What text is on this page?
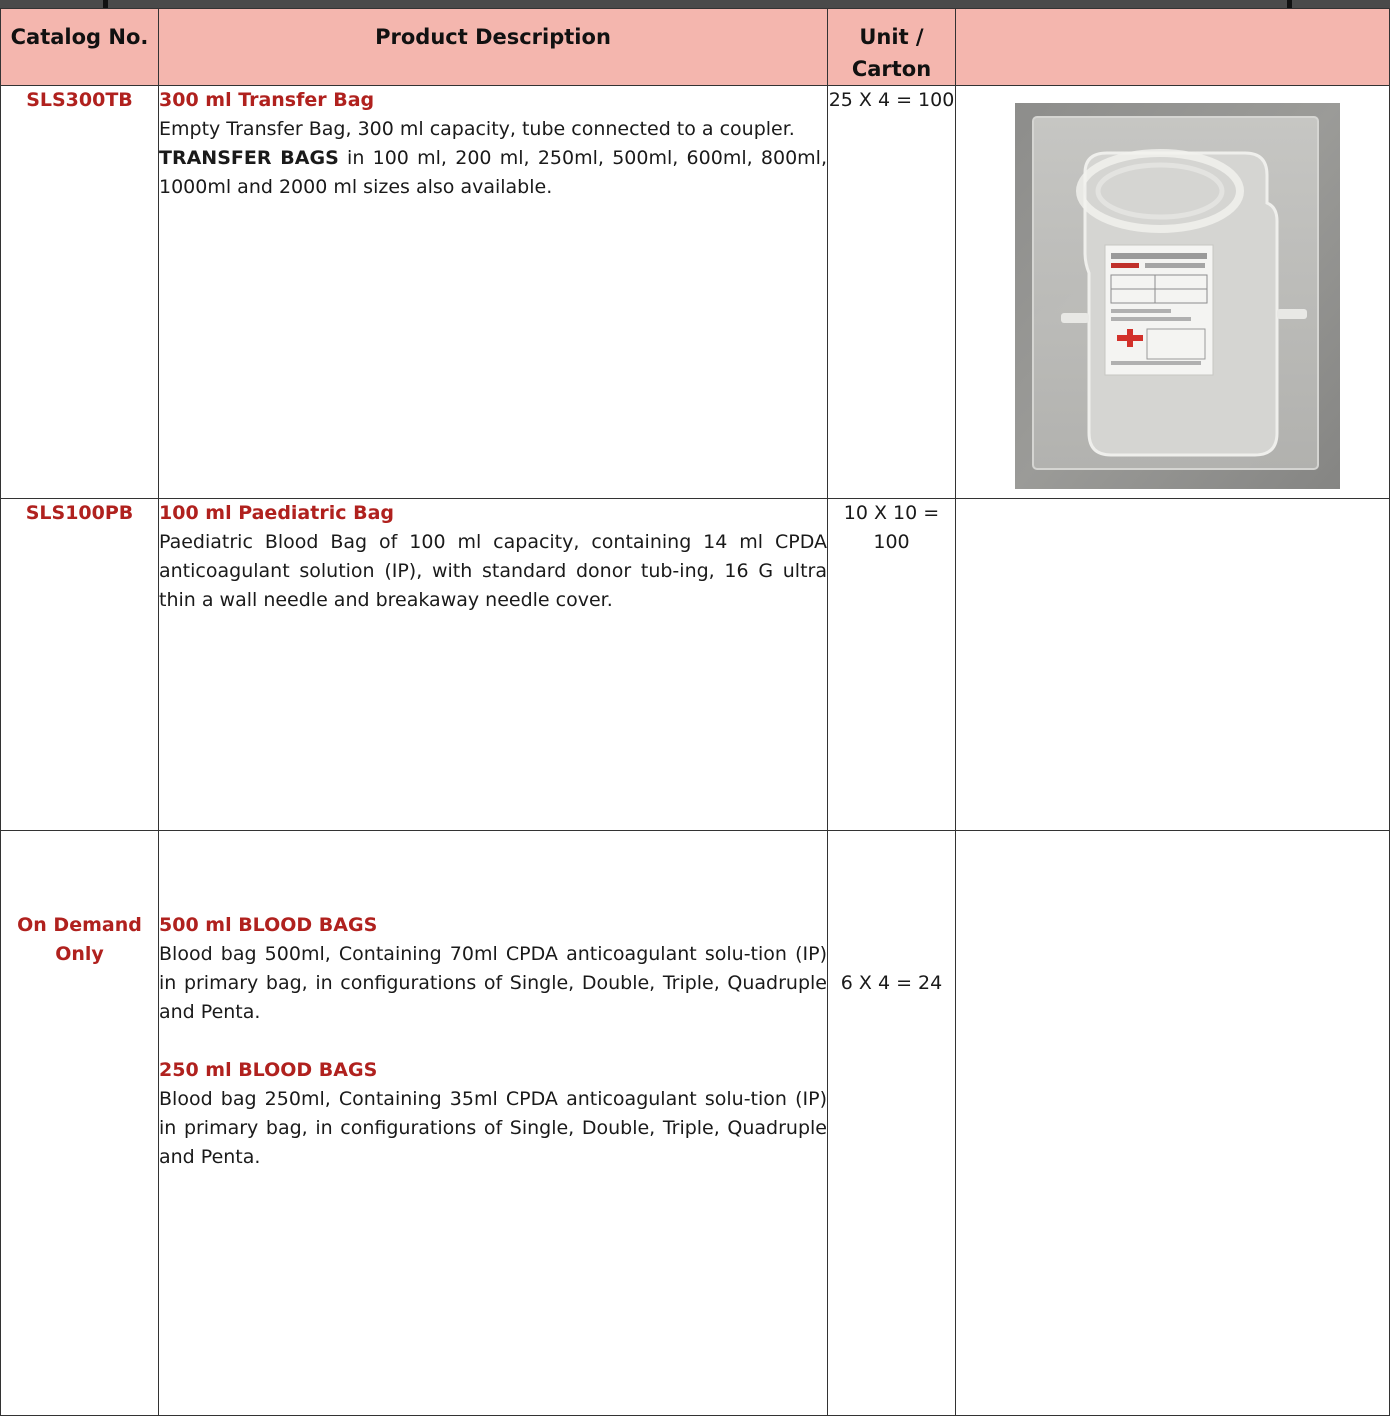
Catalog No.	Product Description	Unit / Carton	
SLS300TB	300 ml Transfer Bag
Empty Transfer Bag, 300 ml capacity, tube connected to a coupler.
TRANSFER BAGS in 100 ml, 200 ml, 250ml, 500ml, 600ml, 800ml, 1000ml and 2000 ml sizes also available.	25 X 4 = 100	
SLS100PB	100 ml Paediatric Bag
Paediatric Blood Bag of 100 ml capacity, containing 14 ml CPDA anticoagulant solution (IP), with standard donor tub-ing, 16 G ultra thin a wall needle and breakaway needle cover.	10 X 10 = 100	
On Demand Only	500 ml BLOOD BAGS
Blood bag 500ml, Containing 70ml CPDA anticoagulant solu-tion (IP) in primary bag, in configurations of Single, Double, Triple, Quadruple and Penta.
250 ml BLOOD BAGS
Blood bag 250ml, Containing 35ml CPDA anticoagulant solu-tion (IP) in primary bag, in configurations of Single, Double, Triple, Quadruple and Penta.	6 X 4 = 24	
